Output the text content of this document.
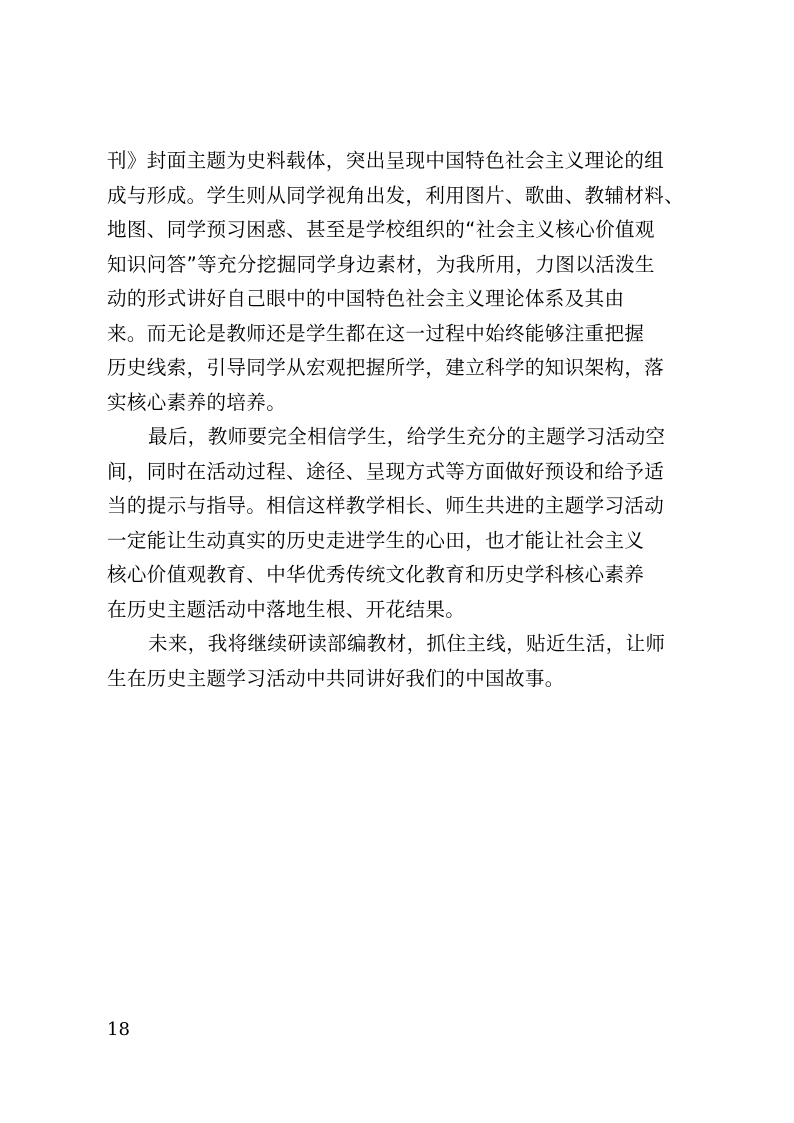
刊》封面主题为史料载体，突出呈现中国特色社会主义理论的组
成与形成。学生则从同学视角出发，利用图片、歌曲、教辅材料、
地图、同学预习困惑、甚至是学校组织的“社会主义核心价值观
知识问答”等充分挖掘同学身边素材，为我所用，力图以活泼生
动的形式讲好自己眼中的中国特色社会主义理论体系及其由
来。而无论是教师还是学生都在这一过程中始终能够注重把握
历史线索，引导同学从宏观把握所学，建立科学的知识架构，落
实核心素养的培养。
最后，教师要完全相信学生，给学生充分的主题学习活动空
间，同时在活动过程、途径、呈现方式等方面做好预设和给予适
当的提示与指导。相信这样教学相长、师生共进的主题学习活动
一定能让生动真实的历史走进学生的心田，也才能让社会主义
核心价值观教育、中华优秀传统文化教育和历史学科核心素养
在历史主题活动中落地生根、开花结果。
未来，我将继续研读部编教材，抓住主线，贴近生活，让师
生在历史主题学习活动中共同讲好我们的中国故事。
18
